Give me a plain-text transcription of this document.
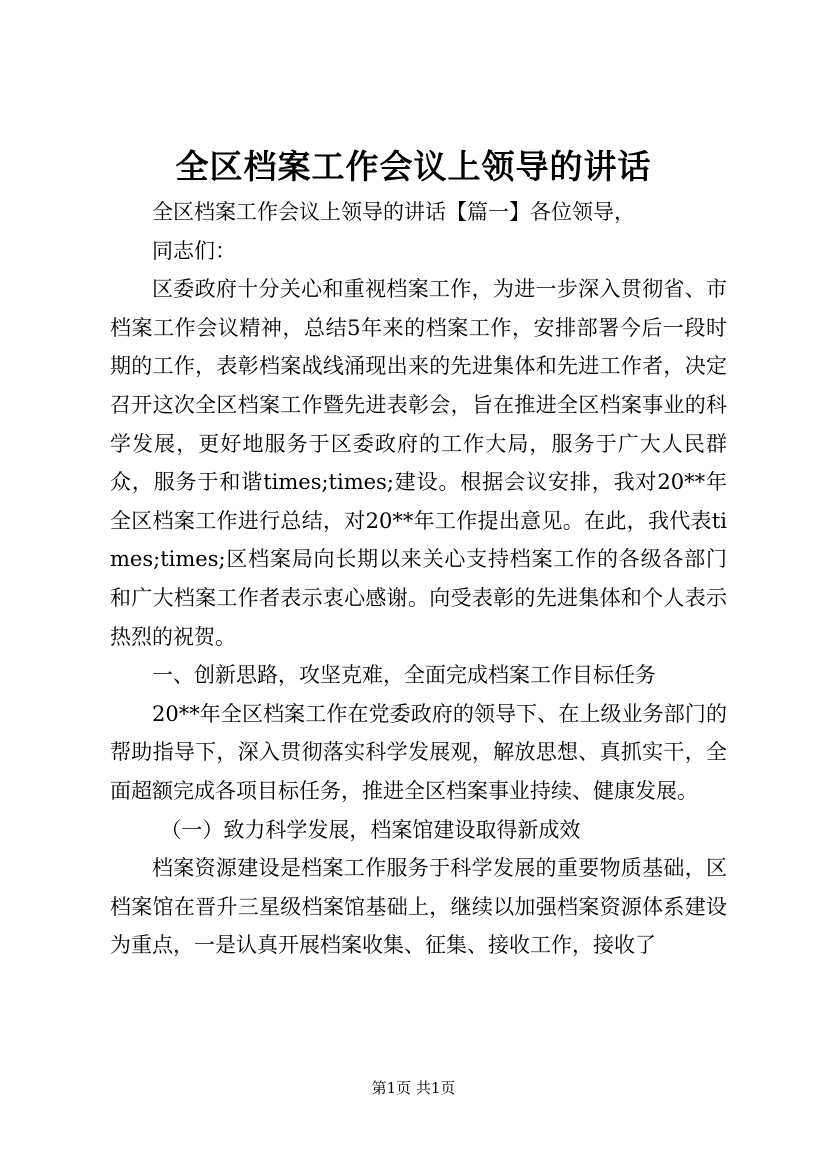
全区档案工作会议上领导的讲话

全区档案工作会议上领导的讲话【篇一】各位领导，

同志们：

区委政府十分关心和重视档案工作，为进一步深入贯彻省、市档案工作会议精神，总结5年来的档案工作，安排部署今后一段时期的工作，表彰档案战线涌现出来的先进集体和先进工作者，决定召开这次全区档案工作暨先进表彰会，旨在推进全区档案事业的科学发展，更好地服务于区委政府的工作大局，服务于广大人民群众，服务于和谐times;times;建设。根据会议安排，我对20**年全区档案工作进行总结，对20**年工作提出意见。在此，我代表times;times;区档案局向长期以来关心支持档案工作的各级各部门和广大档案工作者表示衷心感谢。向受表彰的先进集体和个人表示热烈的祝贺。

一、创新思路，攻坚克难，全面完成档案工作目标任务

20**年全区档案工作在党委政府的领导下、在上级业务部门的帮助指导下，深入贯彻落实科学发展观，解放思想、真抓实干，全面超额完成各项目标任务，推进全区档案事业持续、健康发展。

（一）致力科学发展，档案馆建设取得新成效

档案资源建设是档案工作服务于科学发展的重要物质基础，区档案馆在晋升三星级档案馆基础上，继续以加强档案资源体系建设为重点，一是认真开展档案收集、征集、接收工作，接收了

第1页 共1页
